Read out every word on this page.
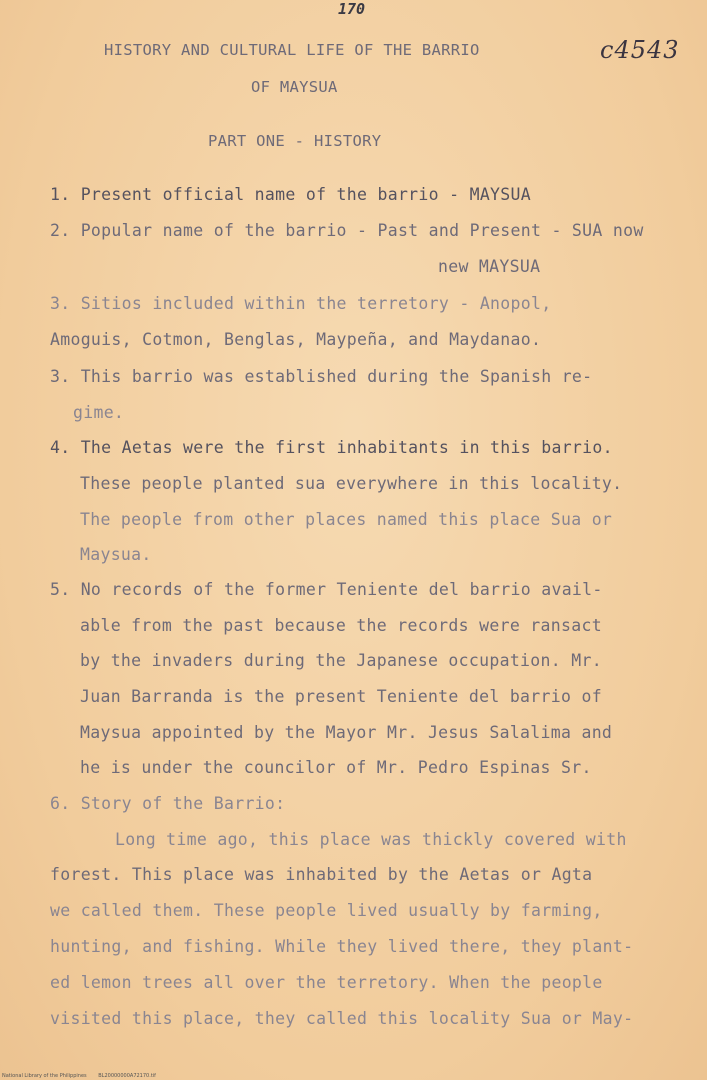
170
c4543
HISTORY AND CULTURAL LIFE OF THE BARRIO
OF MAYSUA
PART ONE - HISTORY
1. Present official name of the barrio - MAYSUA
2. Popular name of the barrio - Past and Present - SUA now
new MAYSUA
3. Sitios included within the terretory - Anopol,
Amoguis, Cotmon, Benglas, Maypeña, and Maydanao.
3. This barrio was established during the Spanish re-
gime.
4. The Aetas were the first inhabitants in this barrio.
These people planted sua everywhere in this locality.
The people from other places named this place Sua or
Maysua.
5. No records of the former Teniente del barrio avail-
able from the past because the records were ransact
by the invaders during the Japanese occupation. Mr.
Juan Barranda is the present Teniente del barrio of
Maysua appointed by the Mayor Mr. Jesus Salalima and
he is under the councilor of Mr. Pedro Espinas Sr.
6. Story of the Barrio:
Long time ago, this place was thickly covered with
forest. This place was inhabited by the Aetas or Agta
we called them. These people lived usually by farming,
hunting, and fishing. While they lived there, they plant-
ed lemon trees all over the terretory. When the people
visited this place, they called this locality Sua or May-
National Library of the Philippines BL20000000A72170.tif
